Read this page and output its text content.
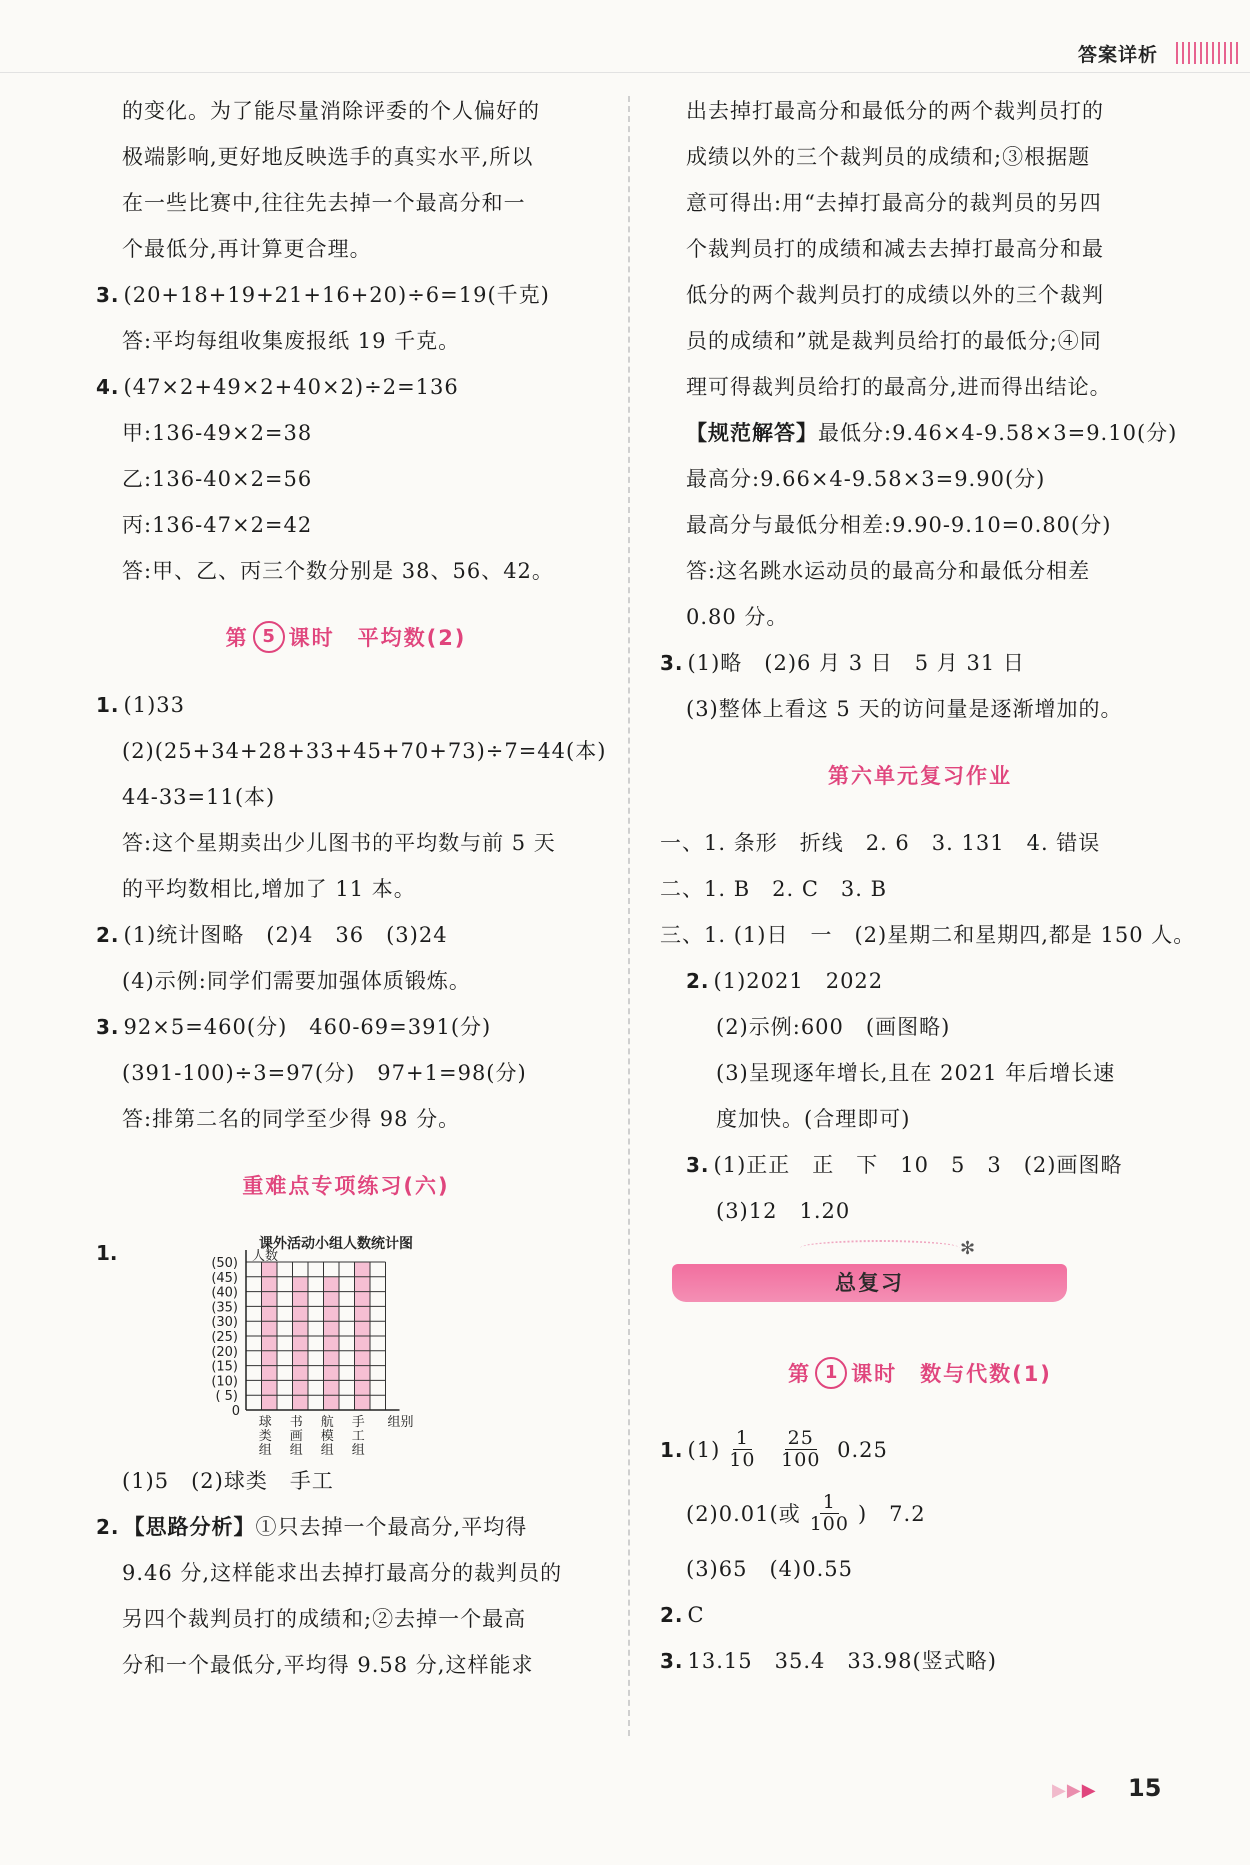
答案详析
的变化。为了能尽量消除评委的个人偏好的
极端影响,更好地反映选手的真实水平,所以
在一些比赛中,往往先去掉一个最高分和一
个最低分,再计算更合理。
3. (20+18+19+21+16+20)÷6=19(千克)
答:平均每组收集废报纸 19 千克。
4. (47×2+49×2+40×2)÷2=136
甲:136-49×2=38
乙:136-40×2=56
丙:136-47×2=42
答:甲、乙、丙三个数分别是 38、56、42。
第 5 课时　平均数(2)
1. (1)33
(2)(25+34+28+33+45+70+73)÷7=44(本)
44-33=11(本)
答:这个星期卖出少儿图书的平均数与前 5 天
的平均数相比,增加了 11 本。
2. (1)统计图略　(2)4　36　(3)24
(4)示例:同学们需要加强体质锻炼。
3. 92×5=460(分)　460-69=391(分)
(391-100)÷3=97(分)　97+1=98(分)
答:排第二名的同学至少得 98 分。
重难点专项练习(六)
1.	课外活动小组人数统计图
人数
(50)
(45)
(40)
(35)
(30)
(25)
(20)
(15)
(10)
( 5)
0
球
类
组
书
画
组
航
模
组
手
工
组
组别
(1)5　(2)球类　手工
2. 【思路分析】①只去掉一个最高分,平均得
9.46 分,这样能求出去掉打最高分的裁判员的
另四个裁判员打的成绩和;②去掉一个最高
分和一个最低分,平均得 9.58 分,这样能求
出去掉打最高分和最低分的两个裁判员打的
成绩以外的三个裁判员的成绩和;③根据题
意可得出:用“去掉打最高分的裁判员的另四
个裁判员打的成绩和减去去掉打最高分和最
低分的两个裁判员打的成绩以外的三个裁判
员的成绩和”就是裁判员给打的最低分;④同
理可得裁判员给打的最高分,进而得出结论。
【规范解答】最低分:9.46×4-9.58×3=9.10(分)
最高分:9.66×4-9.58×3=9.90(分)
最高分与最低分相差:9.90-9.10=0.80(分)
答:这名跳水运动员的最高分和最低分相差
0.80 分。
3. (1)略　(2)6 月 3 日　5 月 31 日
(3)整体上看这 5 天的访问量是逐渐增加的。
第六单元复习作业
一、1. 条形　折线　2. 6　3. 131　4. 错误
二、1. B　2. C　3. B
三、1. (1)日　一　(2)星期二和星期四,都是 150 人。
2. (1)2021　2022
(2)示例:600　(画图略)
(3)呈现逐年增长,且在 2021 年后增长速
度加快。(合理即可)
3. (1)正正　正　下　10　5　3　(2)画图略
(3)12　1.20
✻
总复习
第 1 课时　数与代数(1)
1. $(1) \frac{1}{10}$
$\frac{25}{100} 0.25$
(2)0.01(或 $\frac{1}{100}$ )　7.2
(3)65　(4)0.55
2. C
3. 13.15　35.4　33.98(竖式略)
▶▶▶ 15
